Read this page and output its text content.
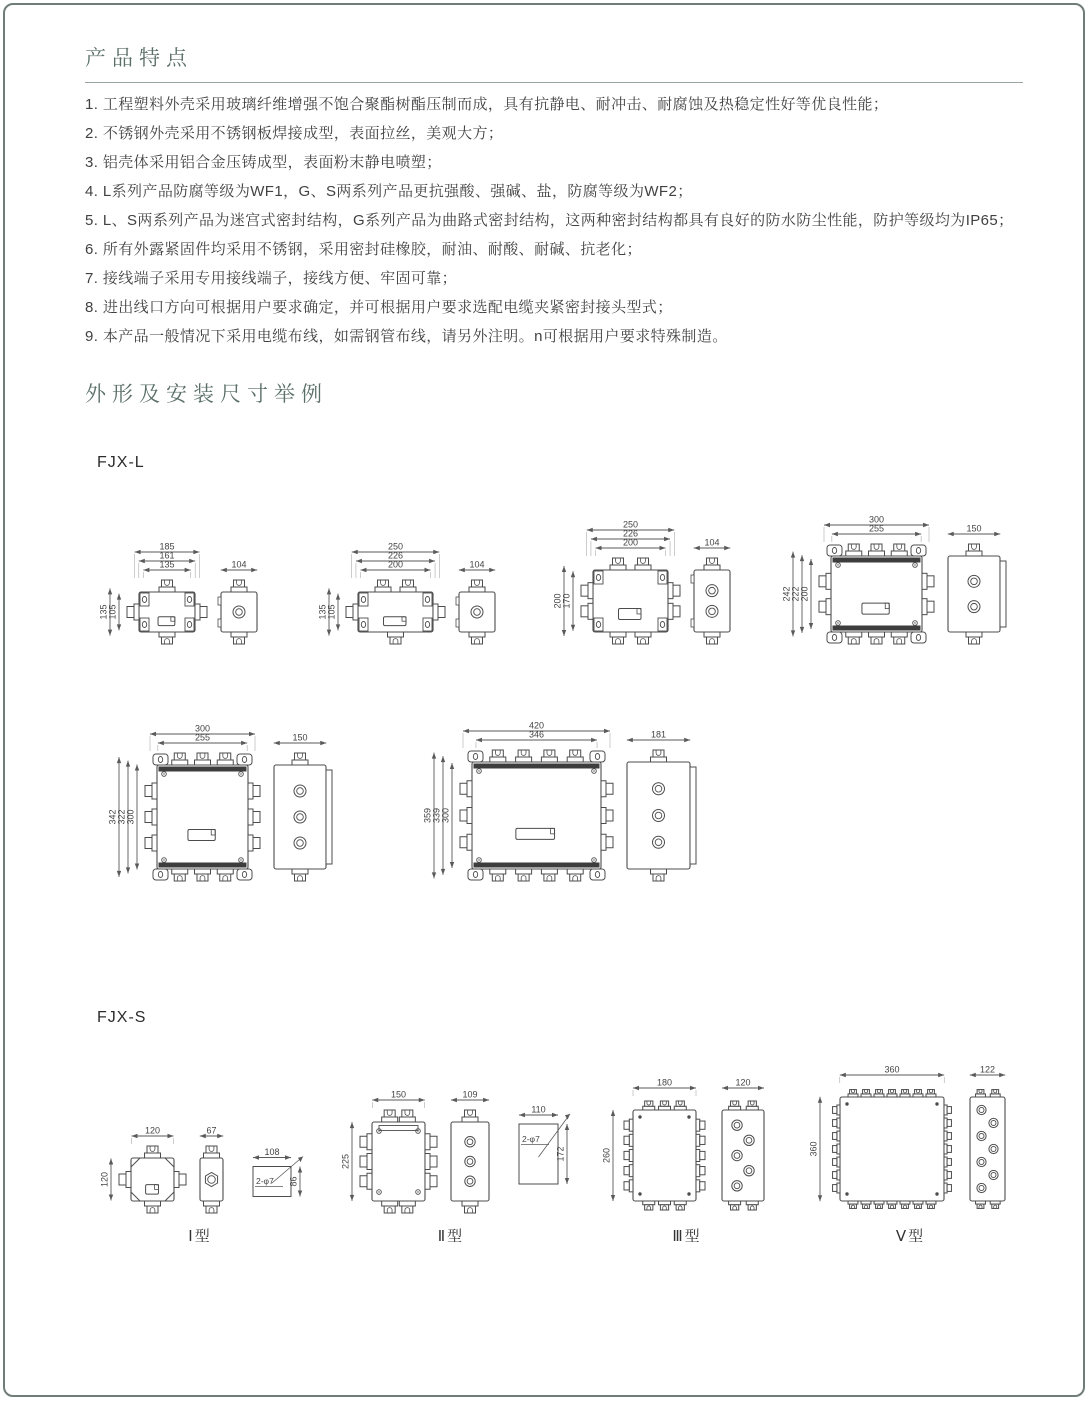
产品特点

1. 工程塑料外壳采用玻璃纤维增强不饱合聚酯树酯压制而成，具有抗静电、耐冲击、耐腐蚀及热稳定性好等优良性能；

2. 不锈钢外壳采用不锈钢板焊接成型，表面拉丝，美观大方；

3. 铝壳体采用铝合金压铸成型，表面粉末静电喷塑；

4. L系列产品防腐等级为WF1，G、S两系列产品更抗强酸、强碱、盐，防腐等级为WF2；

5. L、S两系列产品为迷宫式密封结构，G系列产品为曲路式密封结构，这两种密封结构都具有良好的防水防尘性能，防护等级均为IP65；

6. 所有外露紧固件均采用不锈钢，采用密封硅橡胶，耐油、耐酸、耐碱、抗老化；

7. 接线端子采用专用接线端子，接线方便、牢固可靠；

8. 进出线口方向可根据用户要求确定，并可根据用户要求选配电缆夹紧密封接头型式；

9. 本产品一般情况下采用电缆布线，如需钢管布线，请另外注明。n可根据用户要求特殊制造。

外形及安装尺寸举例
FJX-L
185
161
135
135 105
104
250
226
200
135 105
104
250
226
200
200 170
104
300
255
242 222 200
150
300
255
342 322 300
150
420
346
359 339 300
181
FJX-S
120
120
67
108
86
2-φ7
Ⅰ型
150
225
109
110
172
2-φ7
Ⅱ型
180
260
120
Ⅲ型
360
360
122
Ⅴ型
